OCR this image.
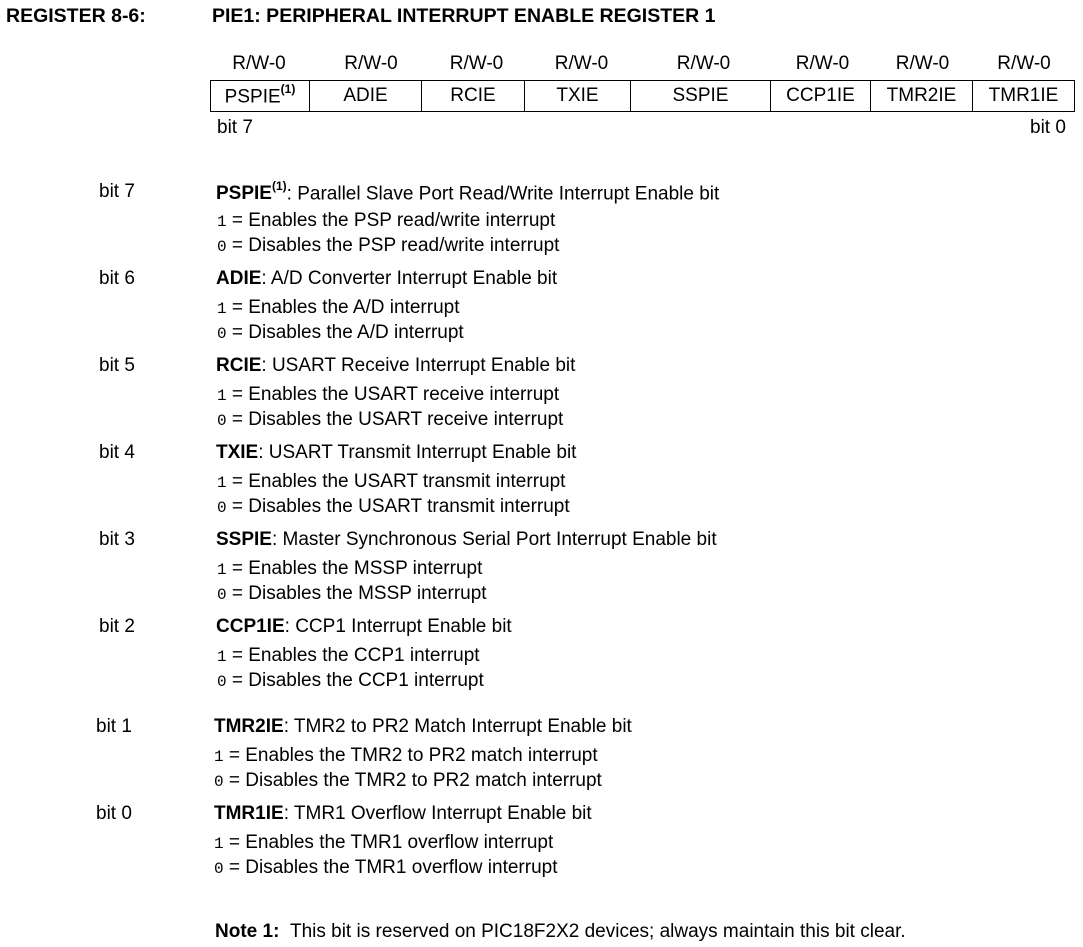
REGISTER 8-6:	PIE1: PERIPHERAL INTERRUPT ENABLE REGISTER 1
R/W-0	R/W-0	R/W-0	R/W-0	R/W-0	R/W-0	R/W-0	R/W-0
PSPIE$^{(1)}$	ADIE	RCIE	TXIE	SSPIE	CCP1IE	TMR2IE	TMR1IE
bit 7	bit 0
bit 7	PSPIE$^{(1)}$: Parallel Slave Port Read/Write Interrupt Enable bit
1 = Enables the PSP read/write interrupt
0 = Disables the PSP read/write interrupt
bit 6	ADIE: A/D Converter Interrupt Enable bit
1 = Enables the A/D interrupt
0 = Disables the A/D interrupt
bit 5	RCIE: USART Receive Interrupt Enable bit
1 = Enables the USART receive interrupt
0 = Disables the USART receive interrupt
bit 4	TXIE: USART Transmit Interrupt Enable bit
1 = Enables the USART transmit interrupt
0 = Disables the USART transmit interrupt
bit 3	SSPIE: Master Synchronous Serial Port Interrupt Enable bit
1 = Enables the MSSP interrupt
0 = Disables the MSSP interrupt
bit 2	CCP1IE: CCP1 Interrupt Enable bit
1 = Enables the CCP1 interrupt
0 = Disables the CCP1 interrupt
bit 1	TMR2IE: TMR2 to PR2 Match Interrupt Enable bit
1 = Enables the TMR2 to PR2 match interrupt
0 = Disables the TMR2 to PR2 match interrupt
bit 0	TMR1IE: TMR1 Overflow Interrupt Enable bit
1 = Enables the TMR1 overflow interrupt
0 = Disables the TMR1 overflow interrupt
Note 1: This bit is reserved on PIC18F2X2 devices; always maintain this bit clear.
